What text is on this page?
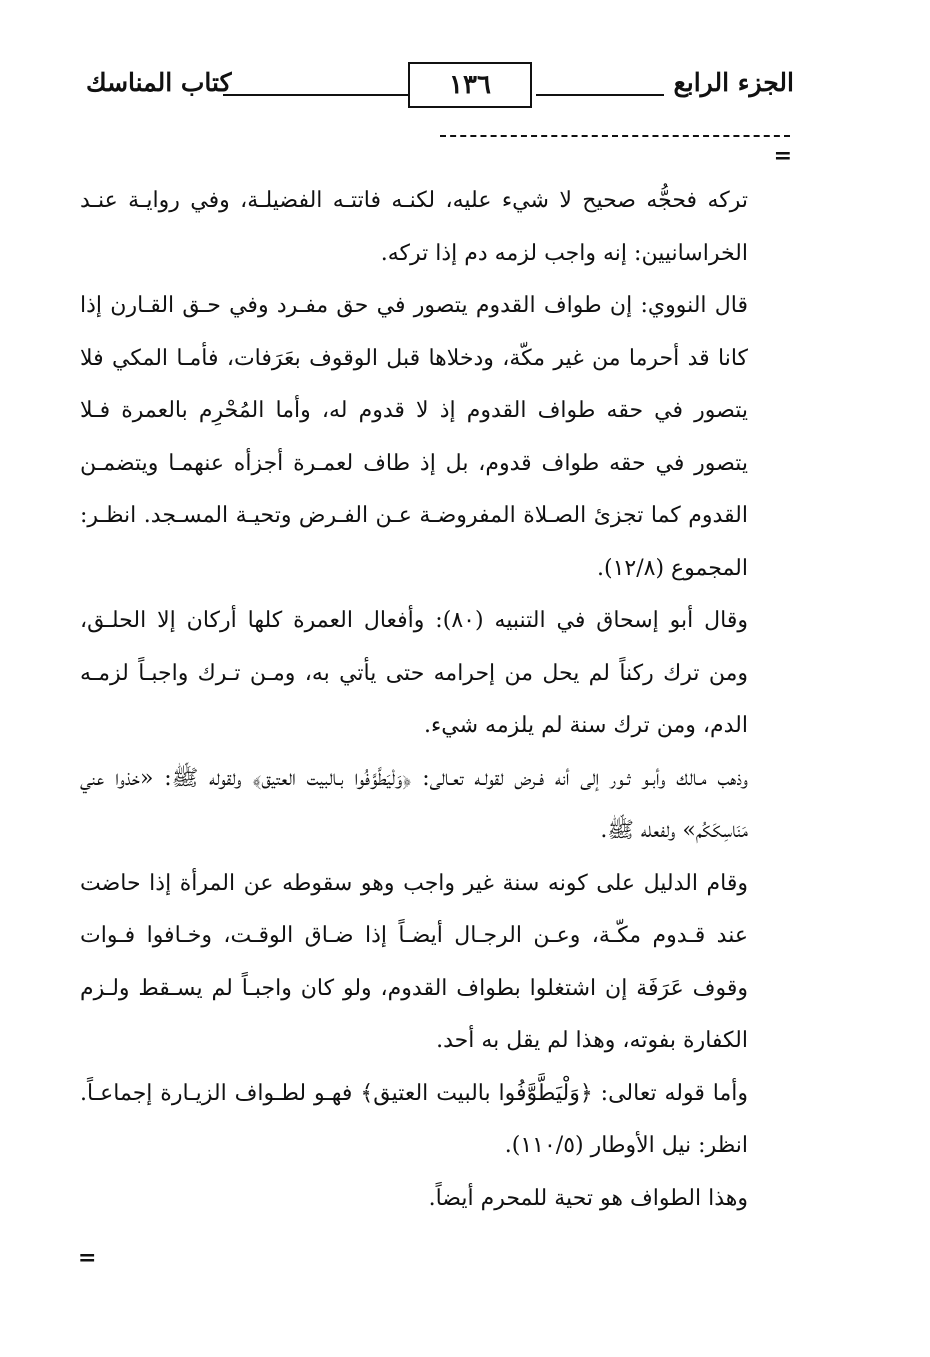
الجزء الرابع
١٣٦
كتاب المناسك
=

تركه فحجُّه صحيح لا شيء عليه، لكنـه فاتتـه الفضيلـة، وفي روايـة عنـد الخراسانيين: إنه واجب لزمه دم إذا تركه.

قال النووي: إن طواف القدوم يتصور في حق مفـرد وفي حـق القـارن إذا كانا قد أحرما من غير مكّة، ودخلاها قبل الوقوف بعَرَفات، فأمـا المكي فلا يتصور في حقه طواف القدوم إذ لا قدوم له، وأما المُحْرِم بالعمرة فـلا يتصور في حقه طواف قدوم، بل إذ طاف لعمـرة أجزأه عنهمـا ويتضمـن القدوم كما تجزئ الصـلاة المفروضـة عـن الفـرض وتحيـة المسـجد. انظـر: المجموع (١٢/٨).

وقال أبو إسحاق في التنبيه (٨٠): وأفعال العمرة كلها أركان إلا الحلـق، ومن ترك ركناً لم يحل من إحرامه حتى يأتي به، ومـن تـرك واجبـاً لزمـه الدم، ومن ترك سنة لم يلزمه شيء.

وذهب مـالك وأبـو ثـور إلى أنه فـرض لقولـه تعـالى: ﴿وَلْيَطَّوَّفُوا بـالبيت العتيق﴾ ولقوله ﷺ: «خذوا عني مَنَاسِكَكُم» ولفعله ﷺ.

وقام الدليل على كونه سنة غير واجب وهو سقوطه عن المرأة إذا حاضت عند قـدوم مكّـة، وعـن الرجـال أيضـاً إذا ضـاق الوقـت، وخـافوا فـوات وقوف عَرَفَة إن اشتغلوا بطواف القدوم، ولو كان واجبـاً لم يسـقط ولـزم الكفارة بفوته، وهذا لم يقل به أحد.

وأما قوله تعالى: ﴿وَلْيَطَّوَّفُوا بالبيت العتيق﴾ فهـو لطـواف الزيـارة إجماعـاً. انظر: نيل الأوطار (١١٠/٥).

وهذا الطواف هو تحية للمحرم أيضاً.

=
